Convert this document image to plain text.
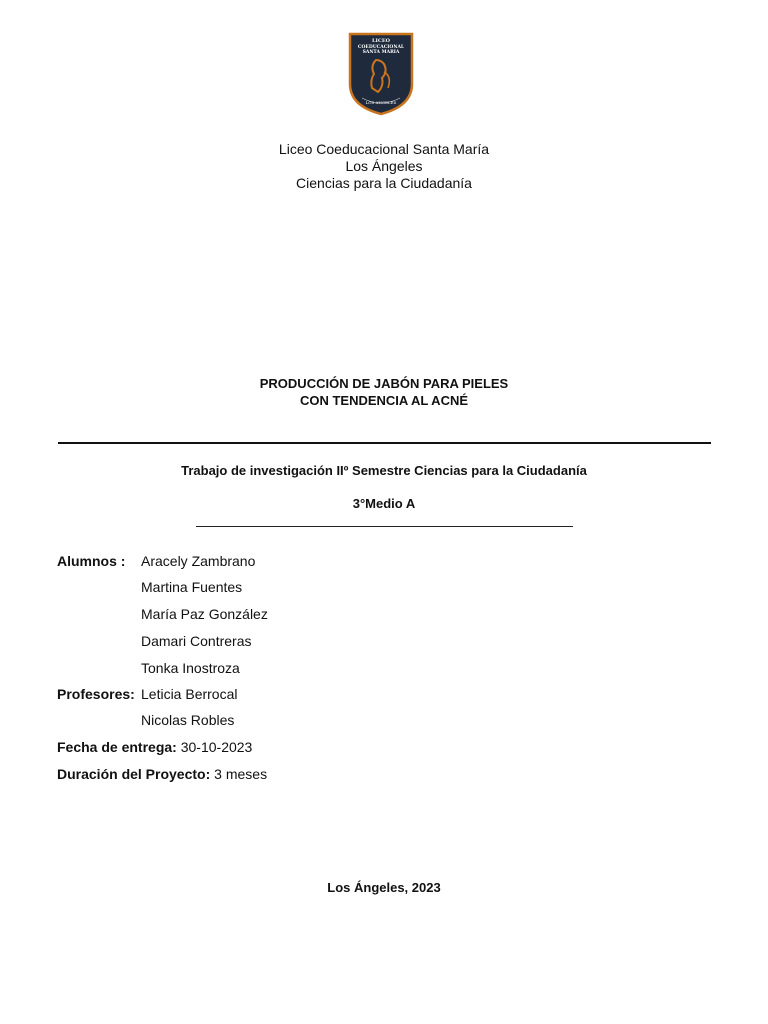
LICEO
COEDUCACIONAL
SANTA MARIA
LOS ANGELES
Liceo Coeducacional Santa María
Los Ángeles
Ciencias para la Ciudadanía
PRODUCCIÓN DE JABÓN PARA PIELES
CON TENDENCIA AL ACNÉ
Trabajo de investigación IIº Semestre Ciencias para la Ciudadanía
3°Medio A
Alumnos : Aracely Zambrano
Martina Fuentes
María Paz González
Damari Contreras
Tonka Inostroza
Profesores: Leticia Berrocal
Nicolas Robles
Fecha de entrega: 30-10-2023
Duración del Proyecto: 3 meses
Los Ángeles, 2023
